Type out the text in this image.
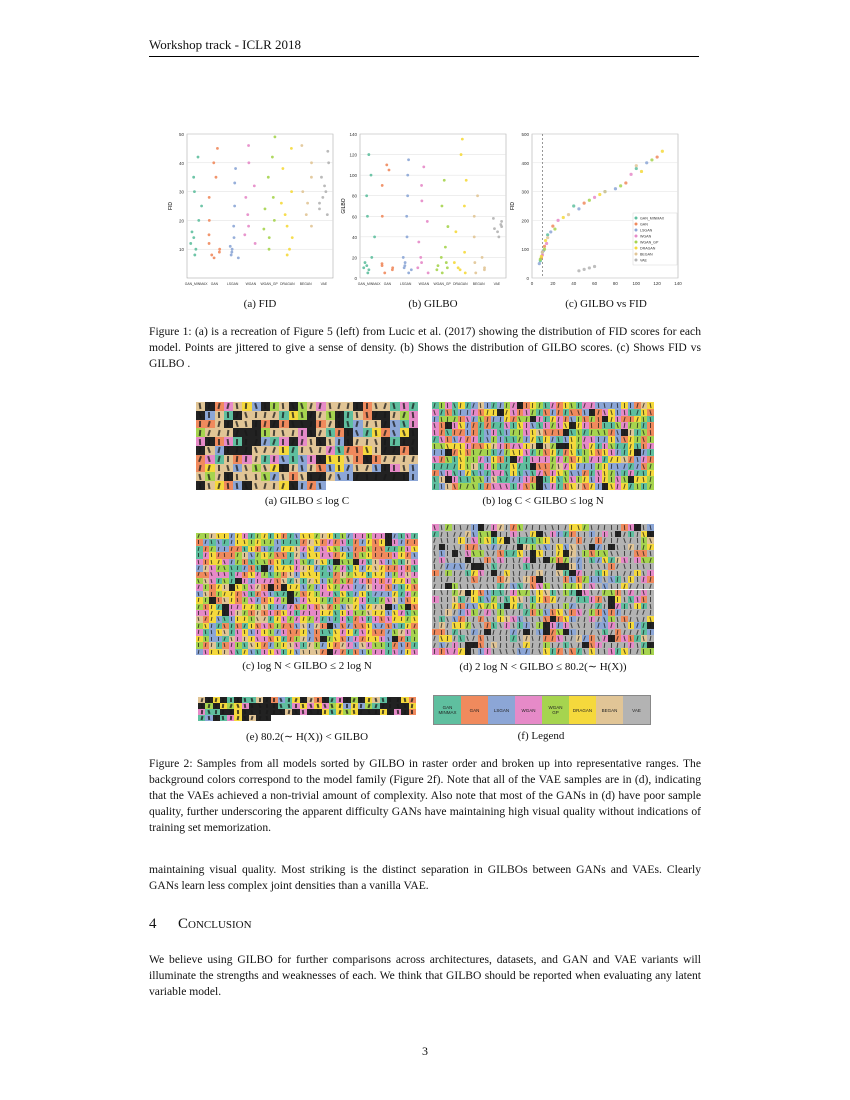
Workshop track - ICLR 2018
10
20
30
40
50
FID
GAN_MINMAX GAN	LSGAN WGAN WGAN_GP DRAGAN BEGAN	VAE
0
20
40
60
80
100
120
140
GILBO
GAN_MINMAX GAN	LSGAN WGAN WGAN_GP DRAGAN BEGAN	VAE
0
100
200
300
400
500
0	20	40	60	80	100	120	140
FID
GAN_MINMAX
GAN
LSGAN
WGAN
WGAN_GP
DRAGAN
BEGAN
VAE
(a) FID	(b) GILBO	(c) GILBO vs FID
Figure 1: (a) is a recreation of Figure 5 (left) from Lucic et al. (2017) showing the distribution of FID scores for each model. Points are jittered to give a sense of density. (b) Shows the distribution of GILBO scores. (c) Shows FID vs GILBO .
(a) GILBO ≤ log C	(b) log C < GILBO ≤ log N
(c) log N < GILBO ≤ 2 log N	(d) 2 log N < GILBO ≤ 80.2(∼ H(X))
GAN
MINMAX	GAN	LSGAN	WGAN	WGAN
GP	DRAGAN	BEGAN	VAE
(e) 80.2(∼ H(X)) < GILBO	(f) Legend
Figure 2: Samples from all models sorted by GILBO in raster order and broken up into representative ranges. The background colors correspond to the model family (Figure 2f). Note that all of the VAE samples are in (d), indicating that the VAEs achieved a non-trivial amount of complexity. Also note that most of the GANs in (d) have poor sample quality, further underscoring the apparent difficulty GANs have maintaining high visual quality without indications of training set memorization.
maintaining visual quality. Most striking is the distinct separation in GILBOs between GANs and VAEs. Clearly GANs learn less complex joint densities than a vanilla VAE.
4 Conclusion
We believe using GILBO for further comparisons across architectures, datasets, and GAN and VAE variants will illuminate the strengths and weaknesses of each. We think that GILBO should be reported when evaluating any latent variable model.
3
